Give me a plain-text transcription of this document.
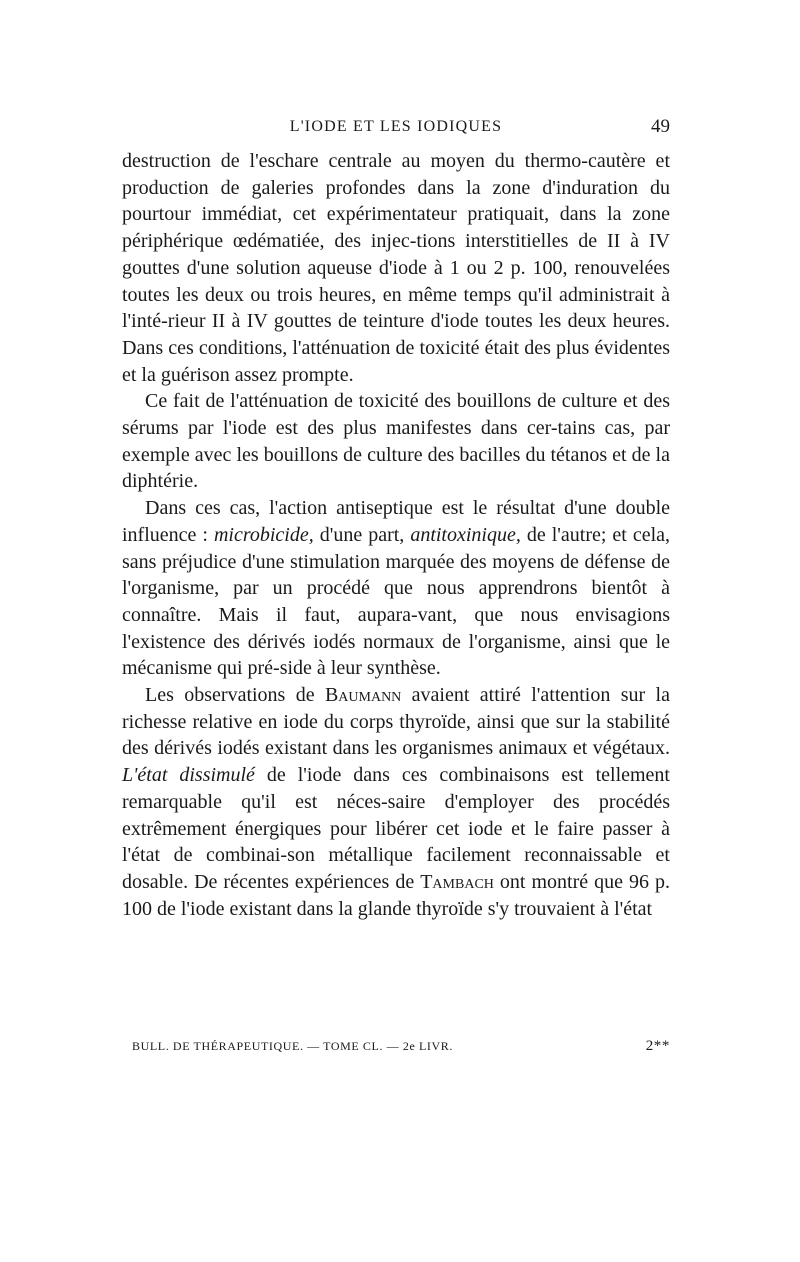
L'IODE ET LES IODIQUES	49

destruction de l'eschare centrale au moyen du thermo-cautère et production de galeries profondes dans la zone d'induration du pourtour immédiat, cet expérimentateur pratiquait, dans la zone périphérique œdématiée, des injec-tions interstitielles de II à IV gouttes d'une solution aqueuse d'iode à 1 ou 2 p. 100, renouvelées toutes les deux ou trois heures, en même temps qu'il administrait à l'inté-rieur II à IV gouttes de teinture d'iode toutes les deux heures. Dans ces conditions, l'atténuation de toxicité était des plus évidentes et la guérison assez prompte.

Ce fait de l'atténuation de toxicité des bouillons de culture et des sérums par l'iode est des plus manifestes dans cer-tains cas, par exemple avec les bouillons de culture des bacilles du tétanos et de la diphtérie.

Dans ces cas, l'action antiseptique est le résultat d'une double influence : microbicide, d'une part, antitoxinique, de l'autre; et cela, sans préjudice d'une stimulation marquée des moyens de défense de l'organisme, par un procédé que nous apprendrons bientôt à connaître. Mais il faut, aupara-vant, que nous envisagions l'existence des dérivés iodés normaux de l'organisme, ainsi que le mécanisme qui pré-side à leur synthèse.

Les observations de Baumann avaient attiré l'attention sur la richesse relative en iode du corps thyroïde, ainsi que sur la stabilité des dérivés iodés existant dans les organismes animaux et végétaux. L'état dissimulé de l'iode dans ces combinaisons est tellement remarquable qu'il est néces-saire d'employer des procédés extrêmement énergiques pour libérer cet iode et le faire passer à l'état de combinai-son métallique facilement reconnaissable et dosable. De récentes expériences de Tambach ont montré que 96 p. 100 de l'iode existant dans la glande thyroïde s'y trouvaient à l'état

BULL. DE THÉRAPEUTIQUE. — TOME CL. — 2e LIVR.	2**
